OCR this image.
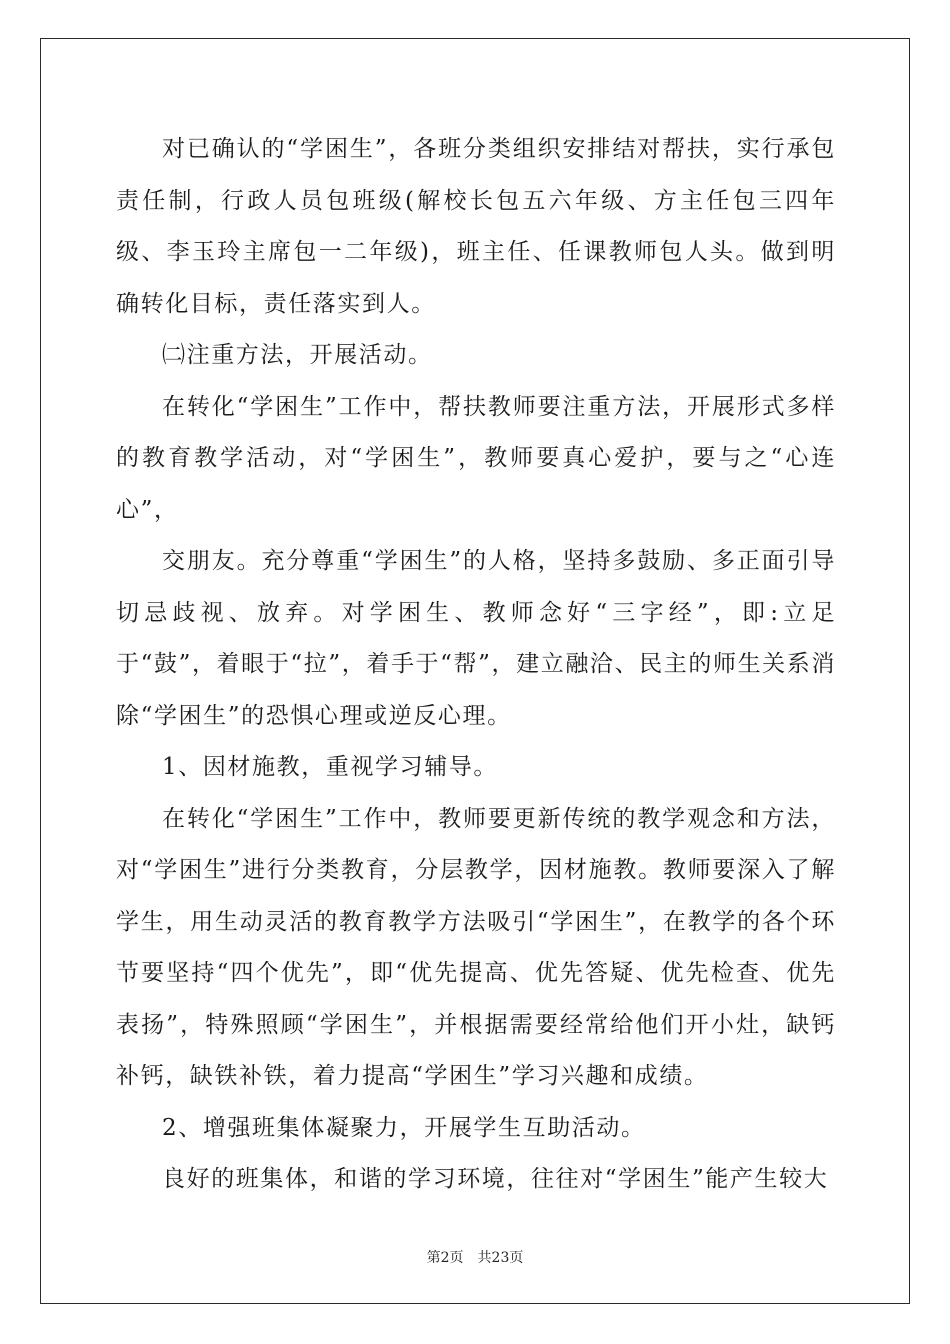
对已确认的“学困生”，各班分类组织安排结对帮扶，实行承包责任制，行政人员包班级(解校长包五六年级、方主任包三四年级、李玉玲主席包一二年级)，班主任、任课教师包人头。做到明确转化目标，责任落实到人。

㈡注重方法，开展活动。

在转化“学困生”工作中，帮扶教师要注重方法，开展形式多样的教育教学活动，对“学困生”，教师要真心爱护，要与之“心连心”，

交朋友。充分尊重“学困生”的人格，坚持多鼓励、多正面引导切忌歧视、放弃。对学困生、教师念好“三字经”，即:立足于“鼓”，着眼于“拉”，着手于“帮”，建立融洽、民主的师生关系消除“学困生”的恐惧心理或逆反心理。

1、因材施教，重视学习辅导。

在转化“学困生”工作中，教师要更新传统的教学观念和方法，对“学困生”进行分类教育，分层教学，因材施教。教师要深入了解学生，用生动灵活的教育教学方法吸引“学困生”，在教学的各个环节要坚持“四个优先”，即“优先提高、优先答疑、优先检查、优先表扬”，特殊照顾“学困生”，并根据需要经常给他们开小灶，缺钙补钙，缺铁补铁，着力提高“学困生”学习兴趣和成绩。

2、增强班集体凝聚力，开展学生互助活动。

良好的班集体，和谐的学习环境，往往对“学困生”能产生较大

第2页 共23页
